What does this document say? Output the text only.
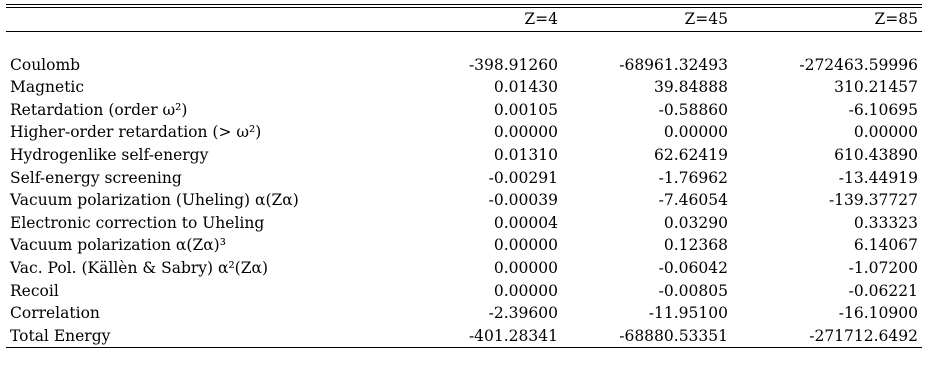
	Z=4	Z=45	Z=85

Coulomb	-398.91260	-68961.32493	-272463.59996
Magnetic	0.01430	39.84888	310.21457
Retardation (order ω²)	0.00105	-0.58860	-6.10695
Higher-order retardation (> ω²)	0.00000	0.00000	0.00000
Hydrogenlike self-energy	0.01310	62.62419	610.43890
Self-energy screening	-0.00291	-1.76962	-13.44919
Vacuum polarization (Uheling) α(Zα)	-0.00039	-7.46054	-139.37727
Electronic correction to Uheling	0.00004	0.03290	0.33323
Vacuum polarization α(Zα)³	0.00000	0.12368	6.14067
Vac. Pol. (Källèn & Sabry) α²(Zα)	0.00000	-0.06042	-1.07200
Recoil	0.00000	-0.00805	-0.06221
Correlation	-2.39600	-11.95100	-16.10900
Total Energy	-401.28341	-68880.53351	-271712.6492
